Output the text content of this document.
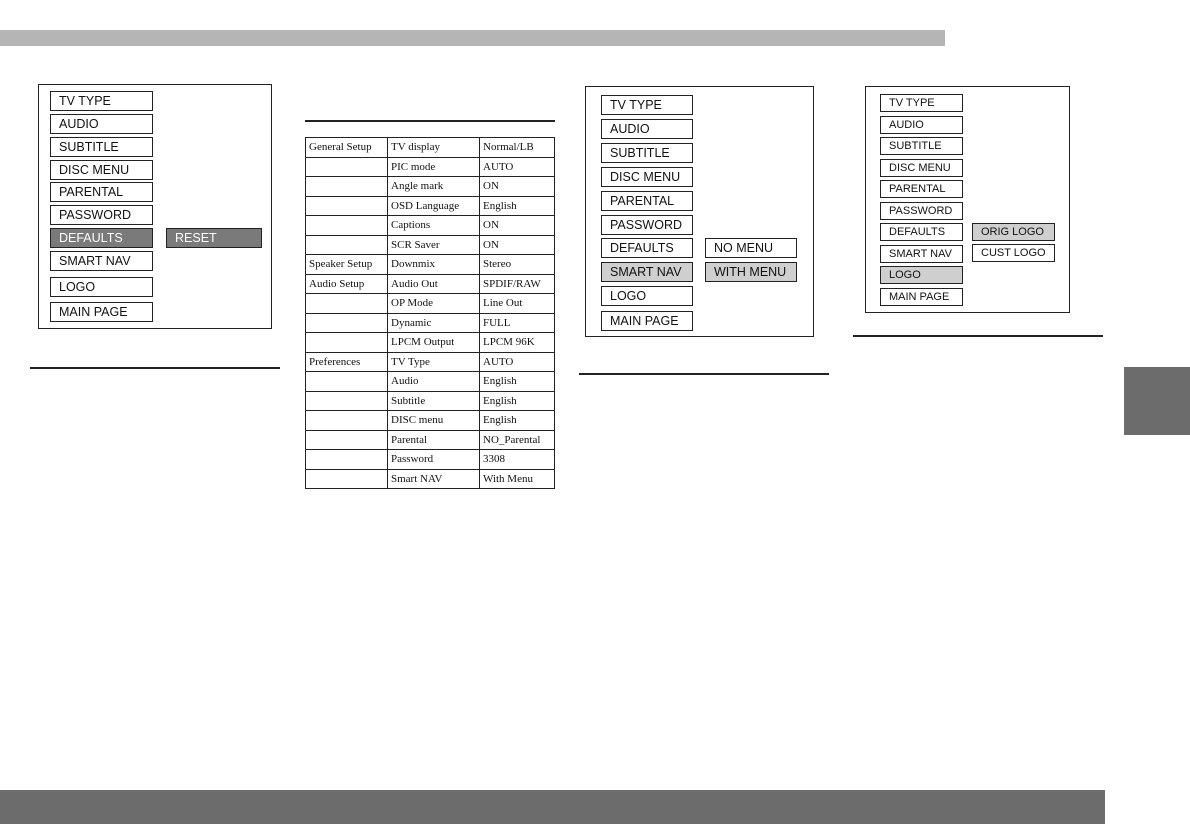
TV TYPE
AUDIO
SUBTITLE
DISC MENU
PARENTAL
PASSWORD
DEFAULTS
SMART NAV
LOGO
MAIN PAGE
RESET
General Setup	TV display	Normal/LB
	PIC mode	AUTO
	Angle mark	ON
	OSD Language	English
	Captions	ON
	SCR Saver	ON
Speaker Setup	Downmix	Stereo
Audio Setup	Audio Out	SPDIF/RAW
	OP Mode	Line Out
	Dynamic	FULL
	LPCM Output	LPCM 96K
Preferences	TV Type	AUTO
	Audio	English
	Subtitle	English
	DISC menu	English
	Parental	NO_Parental
	Password	3308
	Smart NAV	With Menu
TV TYPE
AUDIO
SUBTITLE
DISC MENU
PARENTAL
PASSWORD
DEFAULTS
SMART NAV
LOGO
MAIN PAGE
NO MENU
WITH MENU
TV TYPE
AUDIO
SUBTITLE
DISC MENU
PARENTAL
PASSWORD
DEFAULTS
SMART NAV
LOGO
MAIN PAGE
ORIG LOGO
CUST LOGO
